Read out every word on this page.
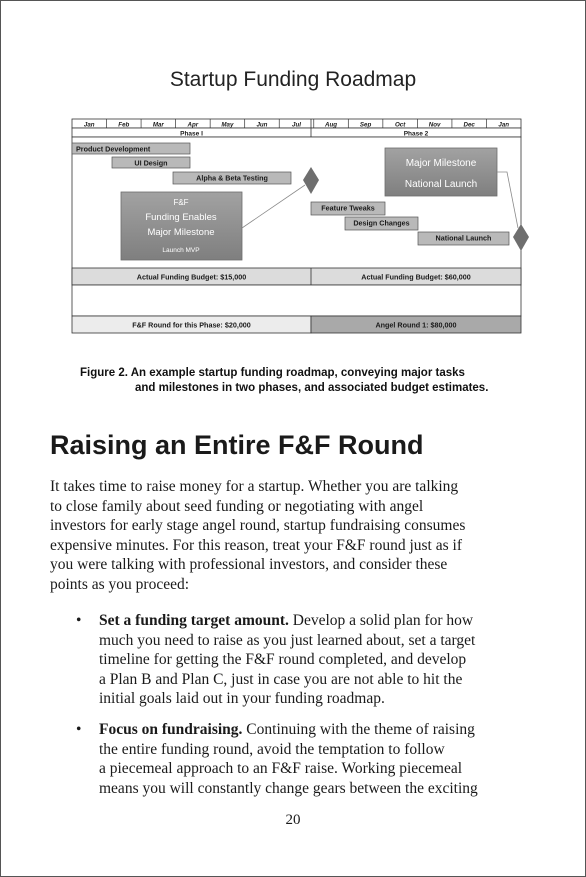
Startup Funding Roadmap
Jan	Feb	Mar	Apr	May	Jun	Jul	Aug	Sep	Oct	Nov	Dec	Jan
Phase I	Phase 2
Product Development
UI Design
Alpha & Beta Testing
Feature Tweaks
Design Changes
National Launch
F&F
Funding Enables
Major Milestone
Launch MVP
Major Milestone
National Launch
Actual Funding Budget: $15,000	Actual Funding Budget: $60,000
F&F Round for this Phase: $20,000	Angel Round 1: $80,000
Figure 2. An example startup funding roadmap, conveying major tasks
and milestones in two phases, and associated budget estimates.
Raising an Entire F&F Round

It takes time to raise money for a startup. Whether you are talking
to close family about seed funding or negotiating with angel
investors for early stage angel round, startup fundraising consumes
expensive minutes. For this reason, treat your F&F round just as if
you were talking with professional investors, and consider these
points as you proceed:

• Set a funding target amount. Develop a solid plan for how
much you need to raise as you just learned about, set a target
timeline for getting the F&F round completed, and develop
a Plan B and Plan C, just in case you are not able to hit the
initial goals laid out in your funding roadmap.
• Focus on fundraising. Continuing with the theme of raising
the entire funding round, avoid the temptation to follow
a piecemeal approach to an F&F raise. Working piecemeal
means you will constantly change gears between the exciting
20
